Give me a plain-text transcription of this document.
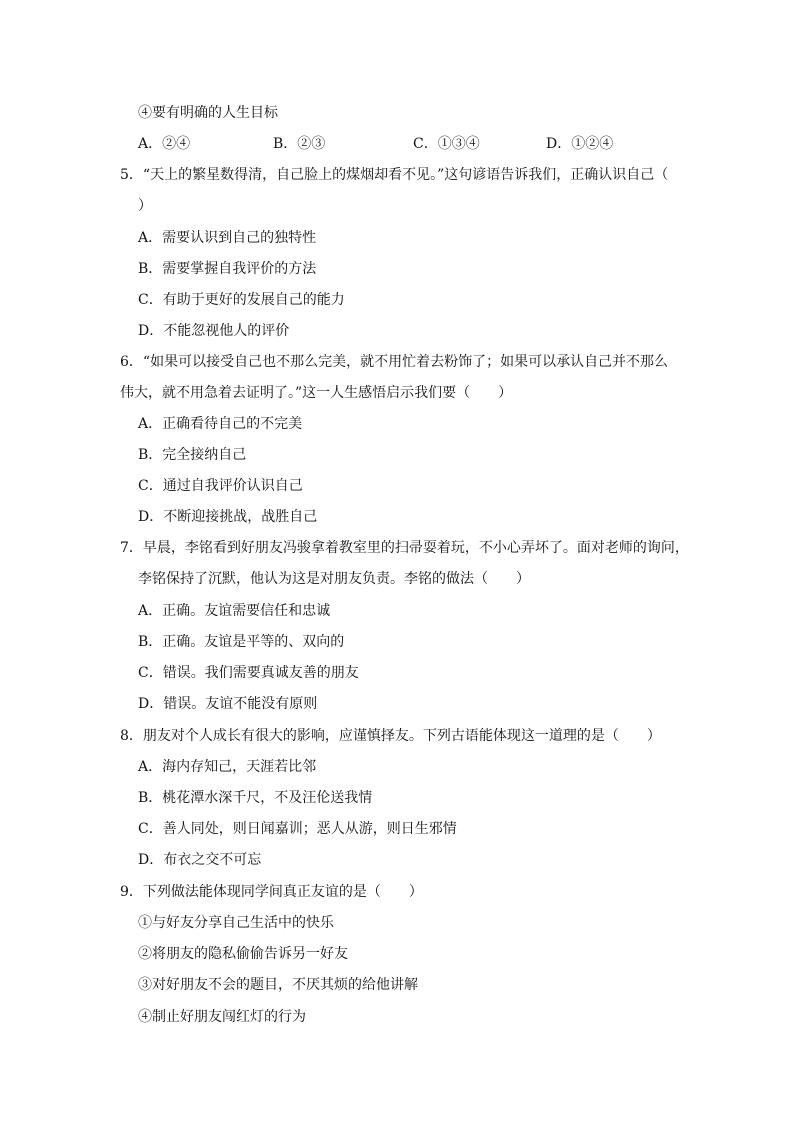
④要有明确的人生目标
A．②④	B．②③	C．①③④	D．①②④
5．“天上的繁星数得清，自己脸上的煤烟却看不见。”这句谚语告诉我们，正确认识自己（
）
A．需要认识到自己的独特性
B．需要掌握自我评价的方法
C．有助于更好的发展自己的能力
D．不能忽视他人的评价
6．“如果可以接受自己也不那么完美，就不用忙着去粉饰了；如果可以承认自己并不那么
伟大，就不用急着去证明了。”这一人生感悟启示我们要（　　）
A．正确看待自己的不完美
B．完全接纳自己
C．通过自我评价认识自己
D．不断迎接挑战，战胜自己
7．早晨，李铭看到好朋友冯骏拿着教室里的扫帚耍着玩，不小心弄坏了。面对老师的询问，
李铭保持了沉默，他认为这是对朋友负责。李铭的做法（　　）
A．正确。友谊需要信任和忠诚
B．正确。友谊是平等的、双向的
C．错误。我们需要真诚友善的朋友
D．错误。友谊不能没有原则
8．朋友对个人成长有很大的影响，应谨慎择友。下列古语能体现这一道理的是（　　）
A．海内存知己，天涯若比邻
B．桃花潭水深千尺，不及汪伦送我情
C．善人同处，则日闻嘉训；恶人从游，则日生邪情
D．布衣之交不可忘
9．下列做法能体现同学间真正友谊的是（　　）
①与好友分享自己生活中的快乐
②将朋友的隐私偷偷告诉另一好友
③对好朋友不会的题目，不厌其烦的给他讲解
④制止好朋友闯红灯的行为
